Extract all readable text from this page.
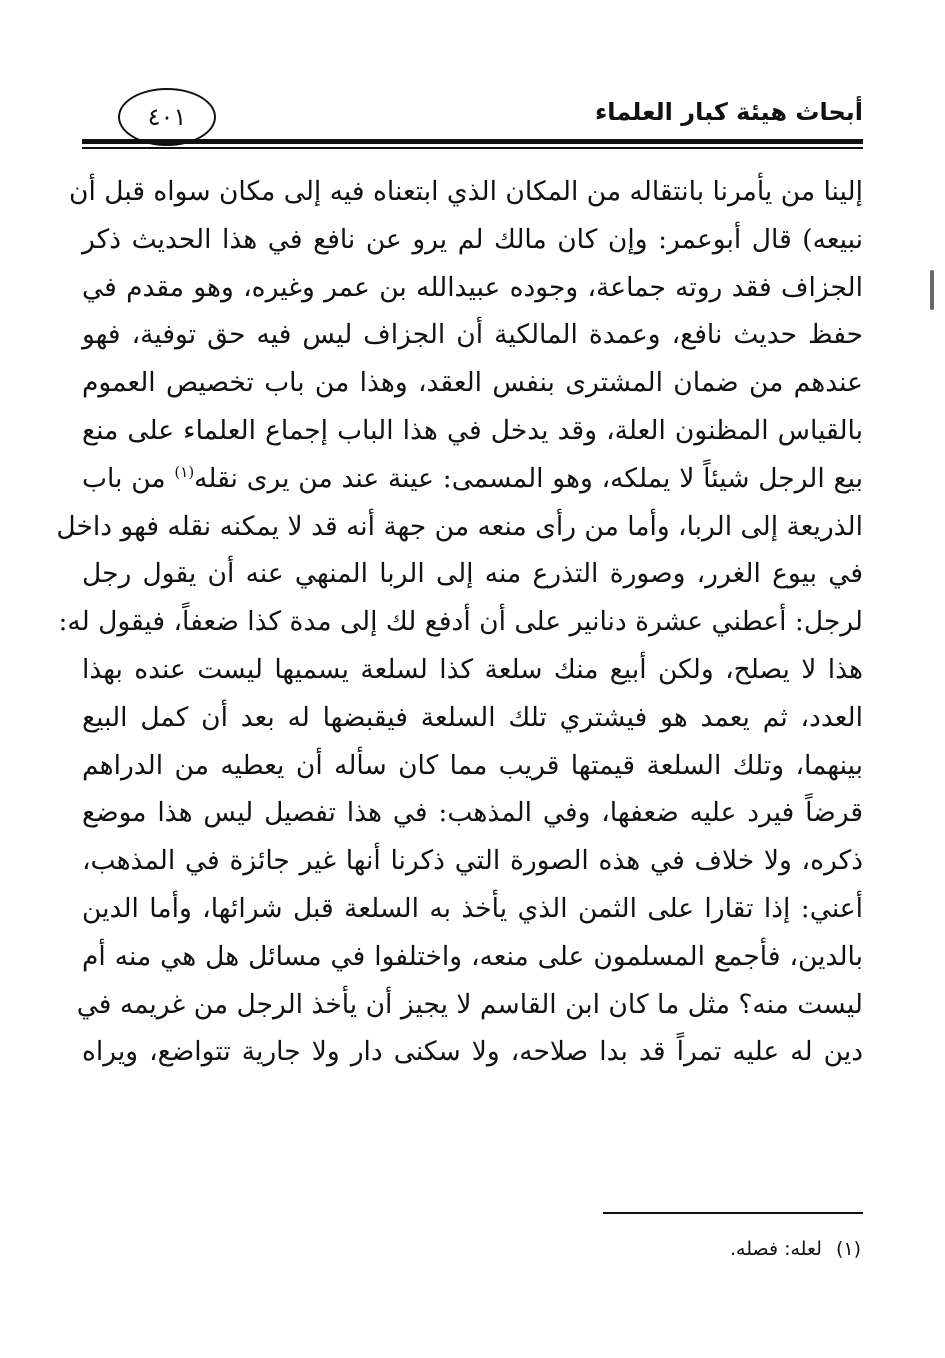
أبحاث هيئة كبار العلماء
٤٠١
إلينا من يأمرنا بانتقاله من المكان الذي ابتعناه فيه إلى مكان سواه قبل أن
نبيعه) قال أبوعمر: وإن كان مالك لم يرو عن نافع في هذا الحديث ذكر
الجزاف فقد روته جماعة، وجوده عبيدالله بن عمر وغيره، وهو مقدم في
حفظ حديث نافع، وعمدة المالكية أن الجزاف ليس فيه حق توفية، فهو
عندهم من ضمان المشترى بنفس العقد، وهذا من باب تخصيص العموم
بالقياس المظنون العلة، وقد يدخل في هذا الباب إجماع العلماء على منع
بيع الرجل شيئاً لا يملكه، وهو المسمى: عينة عند من يرى نقله$^{(١)}$ من باب
الذريعة إلى الربا، وأما من رأى منعه من جهة أنه قد لا يمكنه نقله فهو داخل
في بيوع الغرر، وصورة التذرع منه إلى الربا المنهي عنه أن يقول رجل
لرجل: أعطني عشرة دنانير على أن أدفع لك إلى مدة كذا ضعفاً، فيقول له:
هذا لا يصلح، ولكن أبيع منك سلعة كذا لسلعة يسميها ليست عنده بهذا
العدد، ثم يعمد هو فيشتري تلك السلعة فيقبضها له بعد أن كمل البيع
بينهما، وتلك السلعة قيمتها قريب مما كان سأله أن يعطيه من الدراهم
قرضاً فيرد عليه ضعفها، وفي المذهب: في هذا تفصيل ليس هذا موضع
ذكره، ولا خلاف في هذه الصورة التي ذكرنا أنها غير جائزة في المذهب،
أعني: إذا تقارا على الثمن الذي يأخذ به السلعة قبل شرائها، وأما الدين
بالدين، فأجمع المسلمون على منعه، واختلفوا في مسائل هل هي منه أم
ليست منه؟ مثل ما كان ابن القاسم لا يجيز أن يأخذ الرجل من غريمه في
دين له عليه تمراً قد بدا صلاحه، ولا سكنى دار ولا جارية تتواضع، ويراه
(١)لعله: فصله.
